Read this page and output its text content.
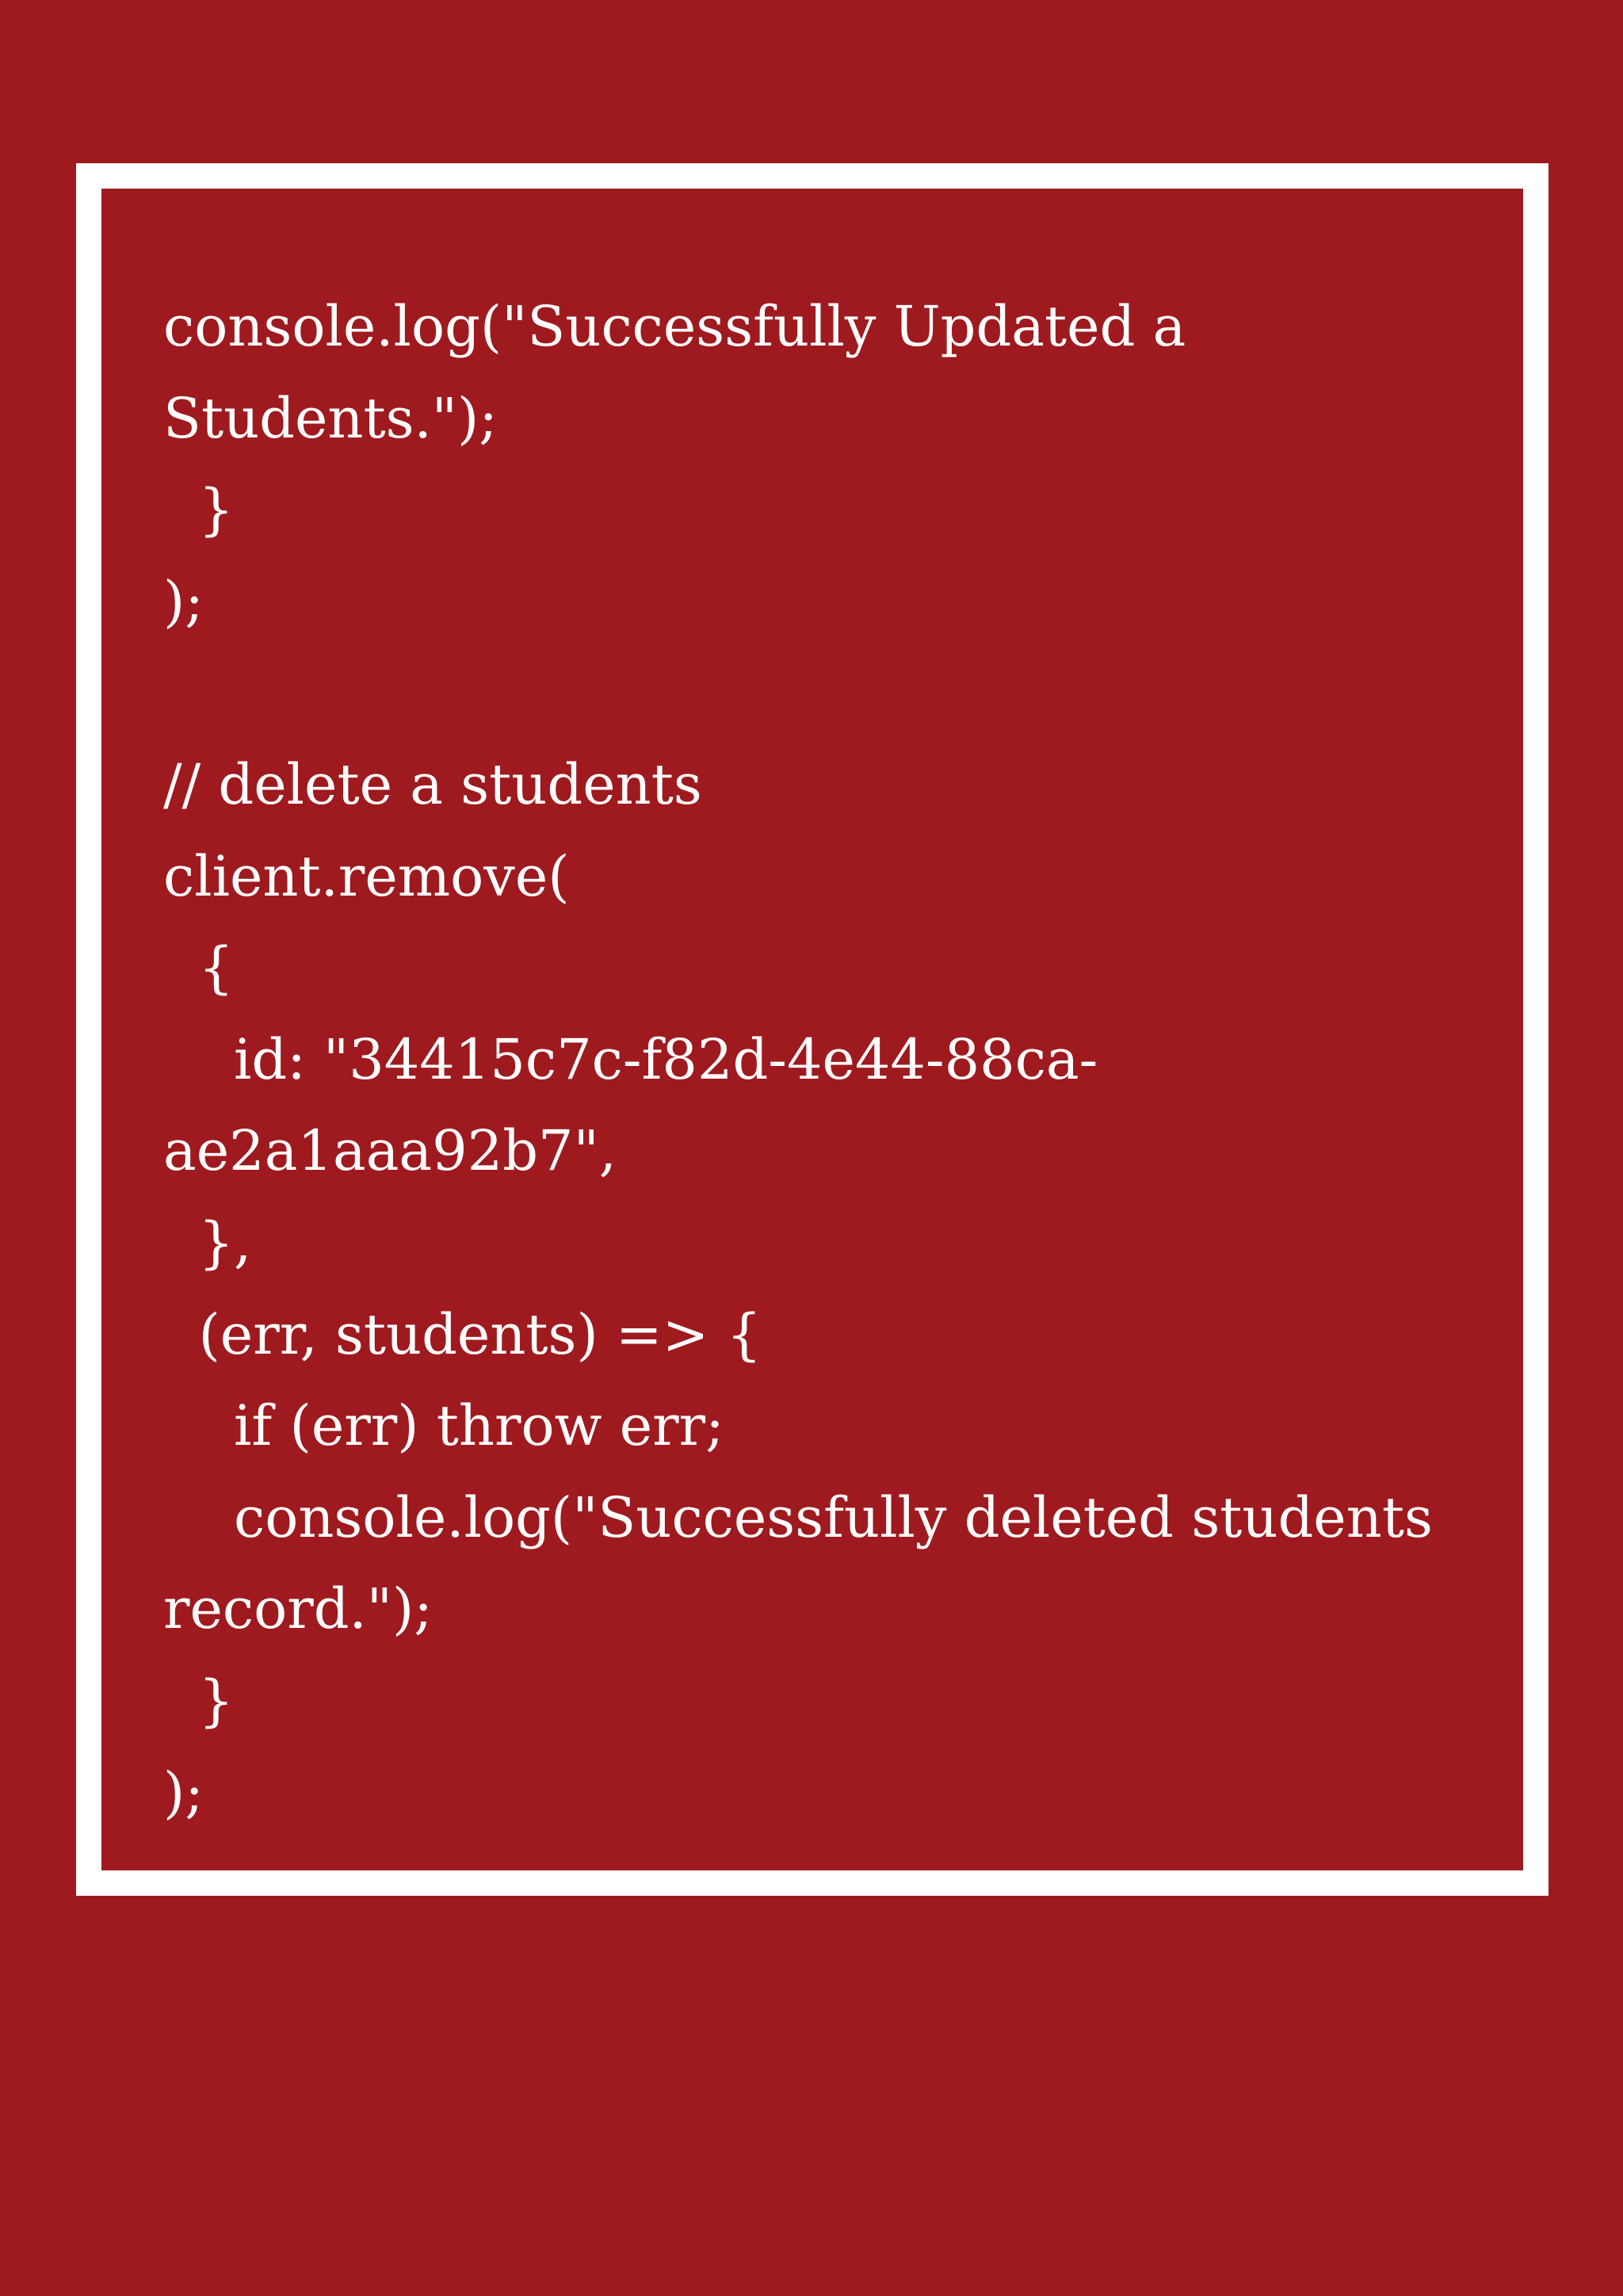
console.log("Successfully Updated a
Students.");
}
);
// delete a students
client.remove(
{
id: "34415c7c-f82d-4e44-88ca-
ae2a1aaa92b7",
},
(err, students) => {
if (err) throw err;
console.log("Successfully deleted students
record.");
}
);
